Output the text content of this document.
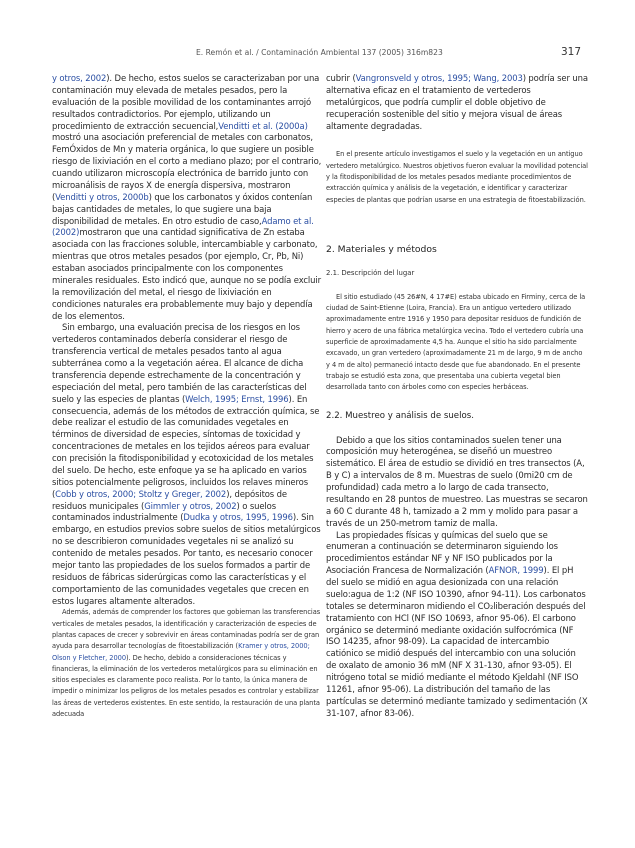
E. Remón et al. / Contaminación Ambiental 137 (2005) 316m823	317

y otros, 2002). De hecho, estos suelos se caracterizaban por una contaminación muy elevada de metales pesados, pero la evaluación de la posible movilidad de los contaminantes arrojó resultados contradictorios. Por ejemplo, utilizando un procedimiento de extracción secuencial,Venditti et al. (2000a) mostró una asociación preferencial de metales con carbonatos, FemÓxidos de Mn y materia orgánica, lo que sugiere un posible riesgo de lixiviación en el corto a mediano plazo; por el contrario, cuando utilizaron microscopía electrónica de barrido junto con microanálisis de rayos X de energía dispersiva, mostraron (Venditti y otros, 2000b) que los carbonatos y óxidos contenían bajas cantidades de metales, lo que sugiere una baja disponibilidad de metales. En otro estudio de caso,Adamo et al. (2002)mostraron que una cantidad significativa de Zn estaba asociada con las fracciones soluble, intercambiable y carbonato, mientras que otros metales pesados (por ejemplo, Cr, Pb, Ni) estaban asociados principalmente con los componentes minerales residuales. Esto indicó que, aunque no se podía excluir la removilización del metal, el riesgo de lixiviación en condiciones naturales era probablemente muy bajo y dependía de los elementos.

Sin embargo, una evaluación precisa de los riesgos en los vertederos contaminados debería considerar el riesgo de transferencia vertical de metales pesados tanto al agua subterránea como a la vegetación aérea. El alcance de dicha transferencia depende estrechamente de la concentración y especiación del metal, pero también de las características del suelo y las especies de plantas (Welch, 1995; Ernst, 1996). En consecuencia, además de los métodos de extracción química, se debe realizar el estudio de las comunidades vegetales en términos de diversidad de especies, síntomas de toxicidad y concentraciones de metales en los tejidos aéreos para evaluar con precisión la fitodisponibilidad y ecotoxicidad de los metales del suelo. De hecho, este enfoque ya se ha aplicado en varios sitios potencialmente peligrosos, incluidos los relaves mineros (Cobb y otros, 2000; Stoltz y Greger, 2002), depósitos de residuos municipales (Gimmler y otros, 2002) o suelos contaminados industrialmente (Dudka y otros, 1995, 1996). Sin embargo, en estudios previos sobre suelos de sitios metalúrgicos no se describieron comunidades vegetales ni se analizó su contenido de metales pesados. Por tanto, es necesario conocer mejor tanto las propiedades de los suelos formados a partir de residuos de fábricas siderúrgicas como las características y el comportamiento de las comunidades vegetales que crecen en estos lugares altamente alterados.

Además, además de comprender los factores que gobiernan las transferencias verticales de metales pesados, la identificación y caracterización de especies de plantas capaces de crecer y sobrevivir en áreas contaminadas podría ser de gran ayuda para desarrollar tecnologías de fitoestabilización (Kramer y otros, 2000; Olson y Fletcher, 2000). De hecho, debido a consideraciones técnicas y financieras, la eliminación de los vertederos metalúrgicos para su eliminación en sitios especiales es claramente poco realista. Por lo tanto, la única manera de impedir o minimizar los peligros de los metales pesados es controlar y estabilizar las áreas de vertederos existentes. En este sentido, la restauración de una planta adecuada

cubrir (Vangronsveld y otros, 1995; Wang, 2003) podría ser una alternativa eficaz en el tratamiento de vertederos metalúrgicos, que podría cumplir el doble objetivo de recuperación sostenible del sitio y mejora visual de áreas altamente degradadas.

En el presente artículo investigamos el suelo y la vegetación en un antiguo vertedero metalúrgico. Nuestros objetivos fueron evaluar la movilidad potencial y la fitodisponibilidad de los metales pesados mediante procedimientos de extracción química y análisis de la vegetación, e identificar y caracterizar especies de plantas que podrían usarse en una estrategia de fitoestabilización.

2. Materiales y métodos
2.1. Descripción del lugar

El sitio estudiado (45 26#N, 4 17#E) estaba ubicado en Firminy, cerca de la ciudad de Saint-Etienne (Loira, Francia). Era un antiguo vertedero utilizado aproximadamente entre 1916 y 1950 para depositar residuos de fundición de hierro y acero de una fábrica metalúrgica vecina. Todo el vertedero cubría una superficie de aproximadamente 4,5 ha. Aunque el sitio ha sido parcialmente excavado, un gran vertedero (aproximadamente 21 m de largo, 9 m de ancho y 4 m de alto) permaneció intacto desde que fue abandonado. En el presente trabajo se estudió esta zona, que presentaba una cubierta vegetal bien desarrollada tanto con árboles como con especies herbáceas.

2.2. Muestreo y análisis de suelos.

Debido a que los sitios contaminados suelen tener una composición muy heterogénea, se diseñó un muestreo sistemático. El área de estudio se dividió en tres transectos (A, B y C) a intervalos de 8 m. Muestras de suelo (0mi20 cm de profundidad) cada metro a lo largo de cada transecto, resultando en 28 puntos de muestreo. Las muestras se secaron a 60 C durante 48 h, tamizado a 2 mm y molido para pasar a través de un 250-metrom tamiz de malla.

Las propiedades físicas y químicas del suelo que se enumeran a continuación se determinaron siguiendo los procedimientos estándar NF y NF ISO publicados por la Asociación Francesa de Normalización (AFNOR, 1999). El pH del suelo se midió en agua desionizada con una relación suelo:agua de 1:2 (NF ISO 10390, afnor 94-11). Los carbonatos totales se determinaron midiendo el CO₂liberación después del tratamiento con HCl (NF ISO 10693, afnor 95-06). El carbono orgánico se determinó mediante oxidación sulfocrómica (NF ISO 14235, afnor 98-09). La capacidad de intercambio catiónico se midió después del intercambio con una solución de oxalato de amonio 36 mM (NF X 31-130, afnor 93-05). El nitrógeno total se midió mediante el método Kjeldahl (NF ISO 11261, afnor 95-06). La distribución del tamaño de las partículas se determinó mediante tamizado y sedimentación (X 31-107, afnor 83-06).
